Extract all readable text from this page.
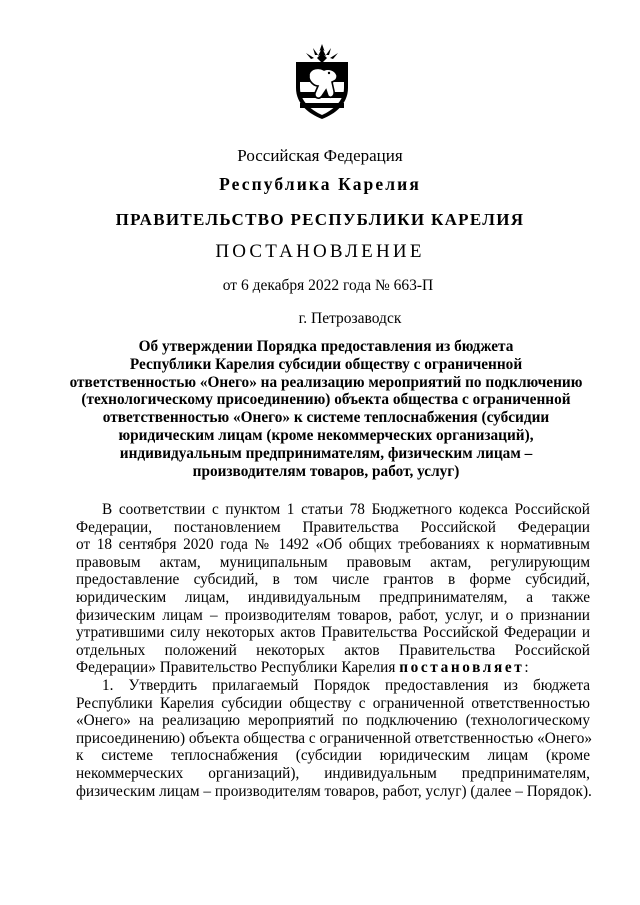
Российская Федерация
Республика Карелия
ПРАВИТЕЛЬСТВО РЕСПУБЛИКИ КАРЕЛИЯ
ПОСТАНОВЛЕНИЕ
от 6 декабря 2022 года № 663-П
г. Петрозаводск
Об утверждении Порядка предоставления из бюджета
Республики Карелия субсидии обществу с ограниченной
ответственностью «Онего» на реализацию мероприятий по подключению
(технологическому присоединению) объекта общества с ограниченной
ответственностью «Онего» к системе теплоснабжения (субсидии
юридическим лицам (кроме некоммерческих организаций),
индивидуальным предпринимателям, физическим лицам –
производителям товаров, работ, услуг)
В соответствии с пунктом 1 статьи 78 Бюджетного кодекса Российской
Федерации, постановлением Правительства Российской Федерации
от 18 сентября 2020 года № 1492 «Об общих требованиях к нормативным
правовым актам, муниципальным правовым актам, регулирующим
предоставление субсидий, в том числе грантов в форме субсидий,
юридическим лицам, индивидуальным предпринимателям, а также
физическим лицам – производителям товаров, работ, услуг, и о признании
утратившими силу некоторых актов Правительства Российской Федерации и
отдельных положений некоторых актов Правительства Российской
Федерации» Правительство Республики Карелия постановляет:
1. Утвердить прилагаемый Порядок предоставления из бюджета
Республики Карелия субсидии обществу с ограниченной ответственностью
«Онего» на реализацию мероприятий по подключению (технологическому
присоединению) объекта общества с ограниченной ответственностью «Онего»
к системе теплоснабжения (субсидии юридическим лицам (кроме
некоммерческих организаций), индивидуальным предпринимателям,
физическим лицам – производителям товаров, работ, услуг) (далее – Порядок).
